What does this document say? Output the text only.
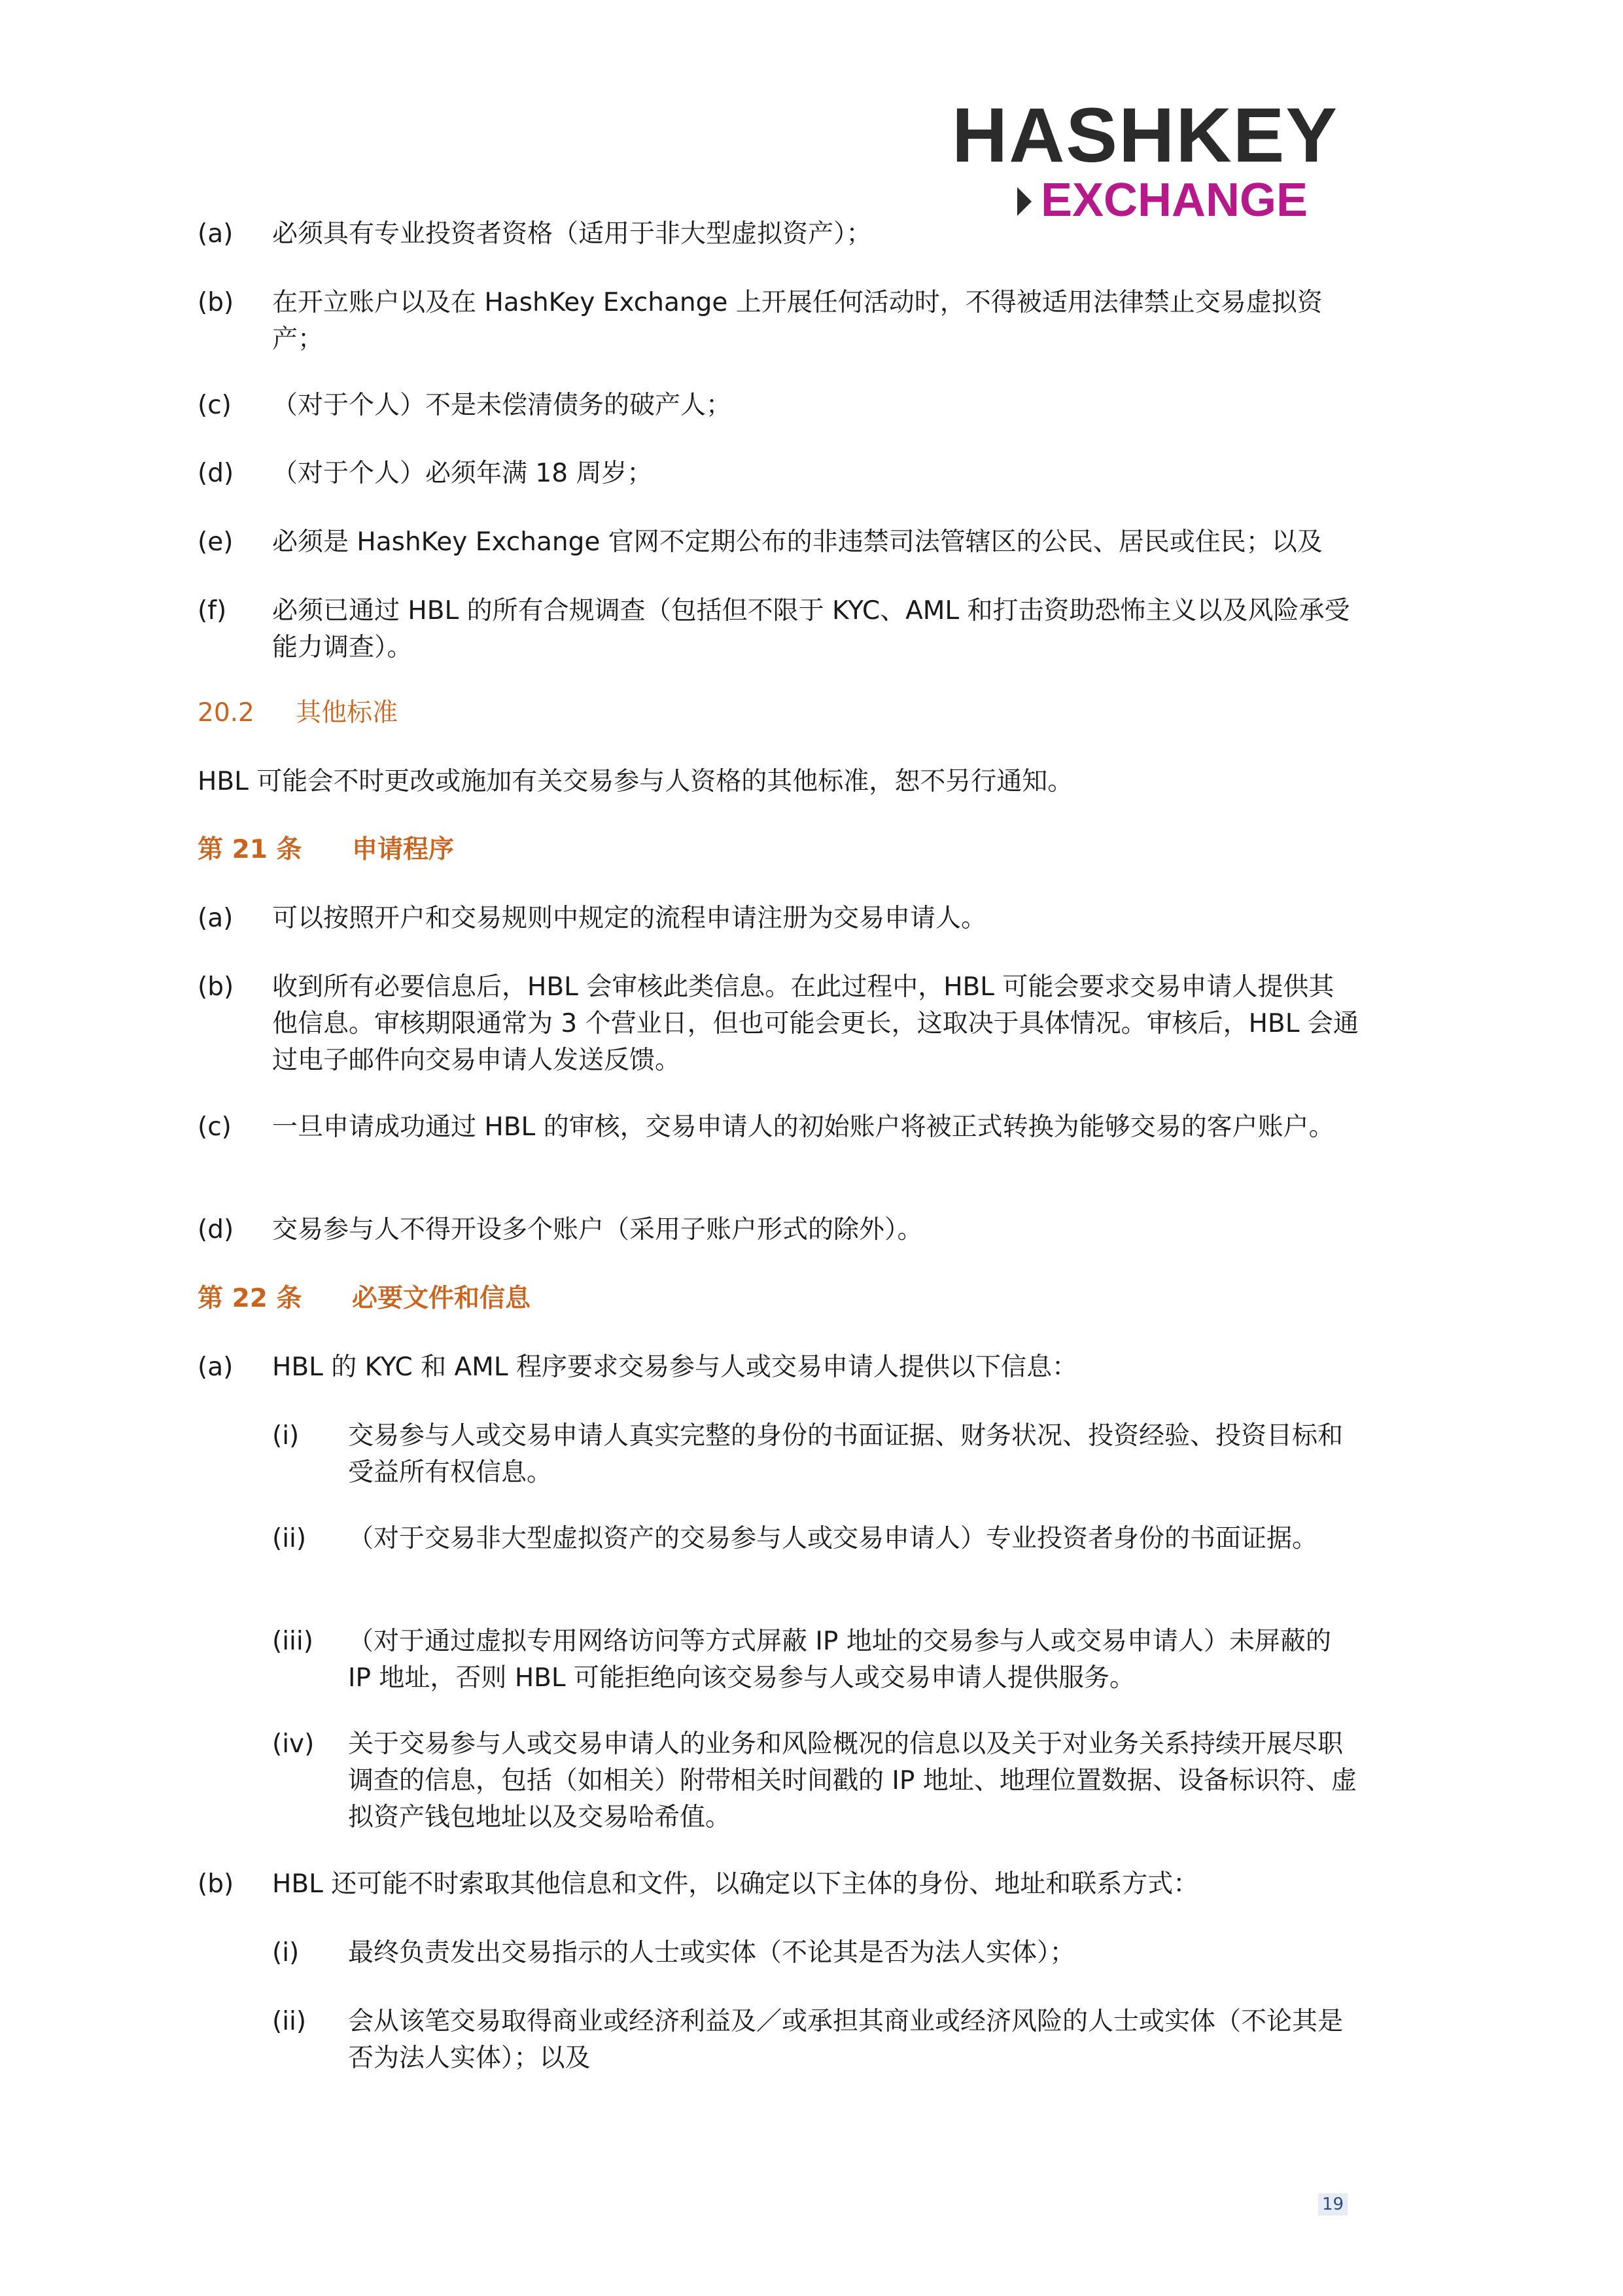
HASHKEY
EXCHANGE
(a) 必须具有专业投资者资格（适用于非大型虚拟资产）；
(b) 在开立账户以及在 HashKey Exchange 上开展任何活动时，不得被适用法律禁止交易虚拟资产；
(c) （对于个人）不是未偿清债务的破产人；
(d) （对于个人）必须年满 18 周岁；
(e) 必须是 HashKey Exchange 官网不定期公布的非违禁司法管辖区的公民、居民或住民；以及
(f) 必须已通过 HBL 的所有合规调查（包括但不限于 KYC、AML 和打击资助恐怖主义以及风险承受能力调查）。
20.2 其他标准
HBL 可能会不时更改或施加有关交易参与人资格的其他标准，恕不另行通知。
第 21 条 申请程序
(a) 可以按照开户和交易规则中规定的流程申请注册为交易申请人。
(b) 收到所有必要信息后，HBL 会审核此类信息。在此过程中，HBL 可能会要求交易申请人提供其他信息。审核期限通常为 3 个营业日，但也可能会更长，这取决于具体情况。审核后，HBL 会通过电子邮件向交易申请人发送反馈。
(c) 一旦申请成功通过 HBL 的审核，交易申请人的初始账户将被正式转换为能够交易的客户账户。
(d) 交易参与人不得开设多个账户（采用子账户形式的除外）。
第 22 条 必要文件和信息
(a) HBL 的 KYC 和 AML 程序要求交易参与人或交易申请人提供以下信息：
(i) 交易参与人或交易申请人真实完整的身份的书面证据、财务状况、投资经验、投资目标和受益所有权信息。
(ii) （对于交易非大型虚拟资产的交易参与人或交易申请人）专业投资者身份的书面证据。
(iii) （对于通过虚拟专用网络访问等方式屏蔽 IP 地址的交易参与人或交易申请人）未屏蔽的 IP 地址，否则 HBL 可能拒绝向该交易参与人或交易申请人提供服务。
(iv) 关于交易参与人或交易申请人的业务和风险概况的信息以及关于对业务关系持续开展尽职调查的信息，包括（如相关）附带相关时间戳的 IP 地址、地理位置数据、设备标识符、虚拟资产钱包地址以及交易哈希值。
(b) HBL 还可能不时索取其他信息和文件，以确定以下主体的身份、地址和联系方式：
(i) 最终负责发出交易指示的人士或实体（不论其是否为法人实体）；
(ii) 会从该笔交易取得商业或经济利益及／或承担其商业或经济风险的人士或实体（不论其是否为法人实体）；以及
19
